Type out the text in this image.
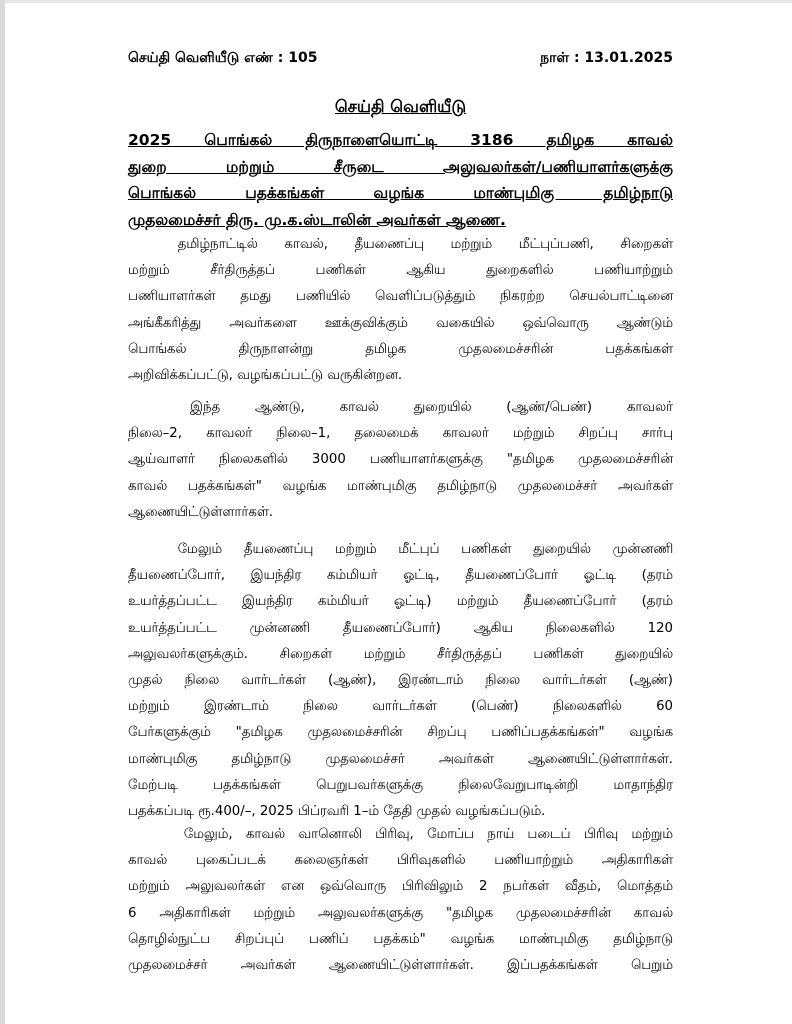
செய்தி வெளியீடு எண் : 105	நாள் : 13.01.2025
செய்தி வெளியீடு
2025 பொங்கல் திருநாளையொட்டி 3186 தமிழக காவல்
துறை மற்றும் சீருடை அலுவலர்கள்/பணியாளர்களுக்கு
பொங்கல் பதக்கங்கள் வழங்க மாண்புமிகு தமிழ்நாடு
முதலமைச்சர் திரு. மு.க.ஸ்டாலின் அவர்கள் ஆணை.
தமிழ்நாட்டில் காவல், தீயணைப்பு மற்றும் மீட்புப்பணி, சிறைகள்
மற்றும் சீர்திருத்தப் பணிகள் ஆகிய துறைகளில் பணியாற்றும்
பணியாளர்கள் தமது பணியில் வெளிப்படுத்தும் நிகரற்ற செயல்பாட்டினை
அங்கீகரித்து அவர்களை ஊக்குவிக்கும் வகையில் ஒவ்வொரு ஆண்டும்
பொங்கல் திருநாளன்று தமிழக முதலமைச்சரின் பதக்கங்கள்
அறிவிக்கப்பட்டு, வழங்கப்பட்டு வருகின்றன.
இந்த ஆண்டு, காவல் துறையில் (ஆண்/பெண்) காவலர்
நிலை–2, காவலர் நிலை–1, தலைமைக் காவலர் மற்றும் சிறப்பு சார்பு
ஆய்வாளர் நிலைகளில் 3000 பணியாளர்களுக்கு "தமிழக முதலமைச்சரின்
காவல் பதக்கங்கள்" வழங்க மாண்புமிகு தமிழ்நாடு முதலமைச்சர் அவர்கள்
ஆணையிட்டுள்ளார்கள்.
மேலும் தீயணைப்பு மற்றும் மீட்புப் பணிகள் துறையில் முன்னணி
தீயணைப்போர், இயந்திர கம்மியர் ஓட்டி, தீயணைப்போர் ஓட்டி (தரம்
உயர்த்தப்பட்ட இயந்திர கம்மியர் ஓட்டி) மற்றும் தீயணைப்போர் (தரம்
உயர்த்தப்பட்ட முன்னணி தீயணைப்போர்) ஆகிய நிலைகளில் 120
அலுவலர்களுக்கும். சிறைகள் மற்றும் சீர்திருத்தப் பணிகள் துறையில்
முதல் நிலை வார்டர்கள் (ஆண்), இரண்டாம் நிலை வார்டர்கள் (ஆண்)
மற்றும் இரண்டாம் நிலை வார்டர்கள் (பெண்) நிலைகளில் 60
பேர்களுக்கும் "தமிழக முதலமைச்சரின் சிறப்பு பணிப்பதக்கங்கள்" வழங்க
மாண்புமிகு தமிழ்நாடு முதலமைச்சர் அவர்கள் ஆணையிட்டுள்ளார்கள்.
மேற்படி பதக்கங்கள் பெறுபவர்களுக்கு நிலைவேறுபாடின்றி மாதாந்திர
பதக்கப்படி ரூ.400/–, 2025 பிப்ரவரி 1–ம் தேதி முதல் வழங்கப்படும்.
மேலும், காவல் வானொலி பிரிவு, மோப்ப நாய் படைப் பிரிவு மற்றும்
காவல் புகைப்படக் கலைஞர்கள் பிரிவுகளில் பணியாற்றும் அதிகாரிகள்
மற்றும் அலுவலர்கள் என ஒவ்வொரு பிரிவிலும் 2 நபர்கள் வீதம், மொத்தம்
6 அதிகாரிகள் மற்றும் அலுவலர்களுக்கு "தமிழக முதலமைச்சரின் காவல்
தொழில்நுட்ப சிறப்புப் பணிப் பதக்கம்" வழங்க மாண்புமிகு தமிழ்நாடு
முதலமைச்சர் அவர்கள் ஆணையிட்டுள்ளார்கள். இப்பதக்கங்கள் பெறும்
